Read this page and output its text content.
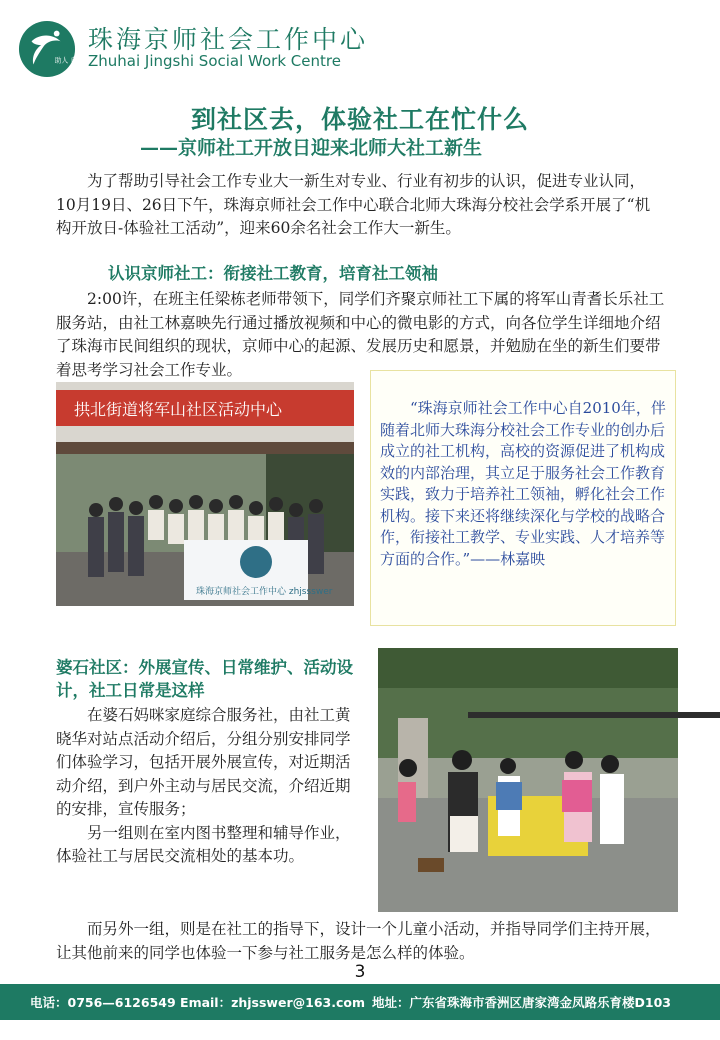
助人 自助
珠海京师社会工作中心
Zhuhai Jingshi Social Work Centre
到社区去，体验社工在忙什么
——京师社工开放日迎来北师大社工新生
为了帮助引导社会工作专业大一新生对专业、行业有初步的认识，促进专业认同，10月19日、26日下午，珠海京师社会工作中心联合北师大珠海分校社会学系开展了“机构开放日-体验社工活动”，迎来60余名社会工作大一新生。
认识京师社工：衔接社工教育，培育社工领袖
2:00许，在班主任梁栋老师带领下，同学们齐聚京师社工下属的将军山青耆长乐社工服务站，由社工林嘉映先行通过播放视频和中心的微电影的方式，向各位学生详细地介绍了珠海市民间组织的现状，京师中心的起源、发展历史和愿景，并勉励在坐的新生们要带着思考学习社会工作专业。
拱北街道将军山社区活动中心
珠海京师社会工作中心 zhjssswer
“珠海京师社会工作中心自2010年，伴随着北师大珠海分校社会工作专业的创办后成立的社工机构，高校的资源促进了机构成效的内部治理，其立足于服务社会工作教育实践，致力于培养社工领袖，孵化社会工作机构。接下来还将继续深化与学校的战略合作，衔接社工教学、专业实践、人才培养等方面的合作。”——林嘉映
婆石社区：外展宣传、日常维护、活动设计，社工日常是这样
在婆石妈咪家庭综合服务社，由社工黄晓华对站点活动介绍后，分组分别安排同学们体验学习，包括开展外展宣传，对近期活动介绍，到户外主动与居民交流，介绍近期的安排，宣传服务；
另一组则在室内图书整理和辅导作业，体验社工与居民交流相处的基本功。
而另外一组，则是在社工的指导下，设计一个儿童小活动，并指导同学们主持开展，让其他前来的同学也体验一下参与社工服务是怎么样的体验。
3
电话：0756—6126549 Email：zhjsswer@163.com 地址：广东省珠海市香洲区唐家湾金凤路乐育楼D103
